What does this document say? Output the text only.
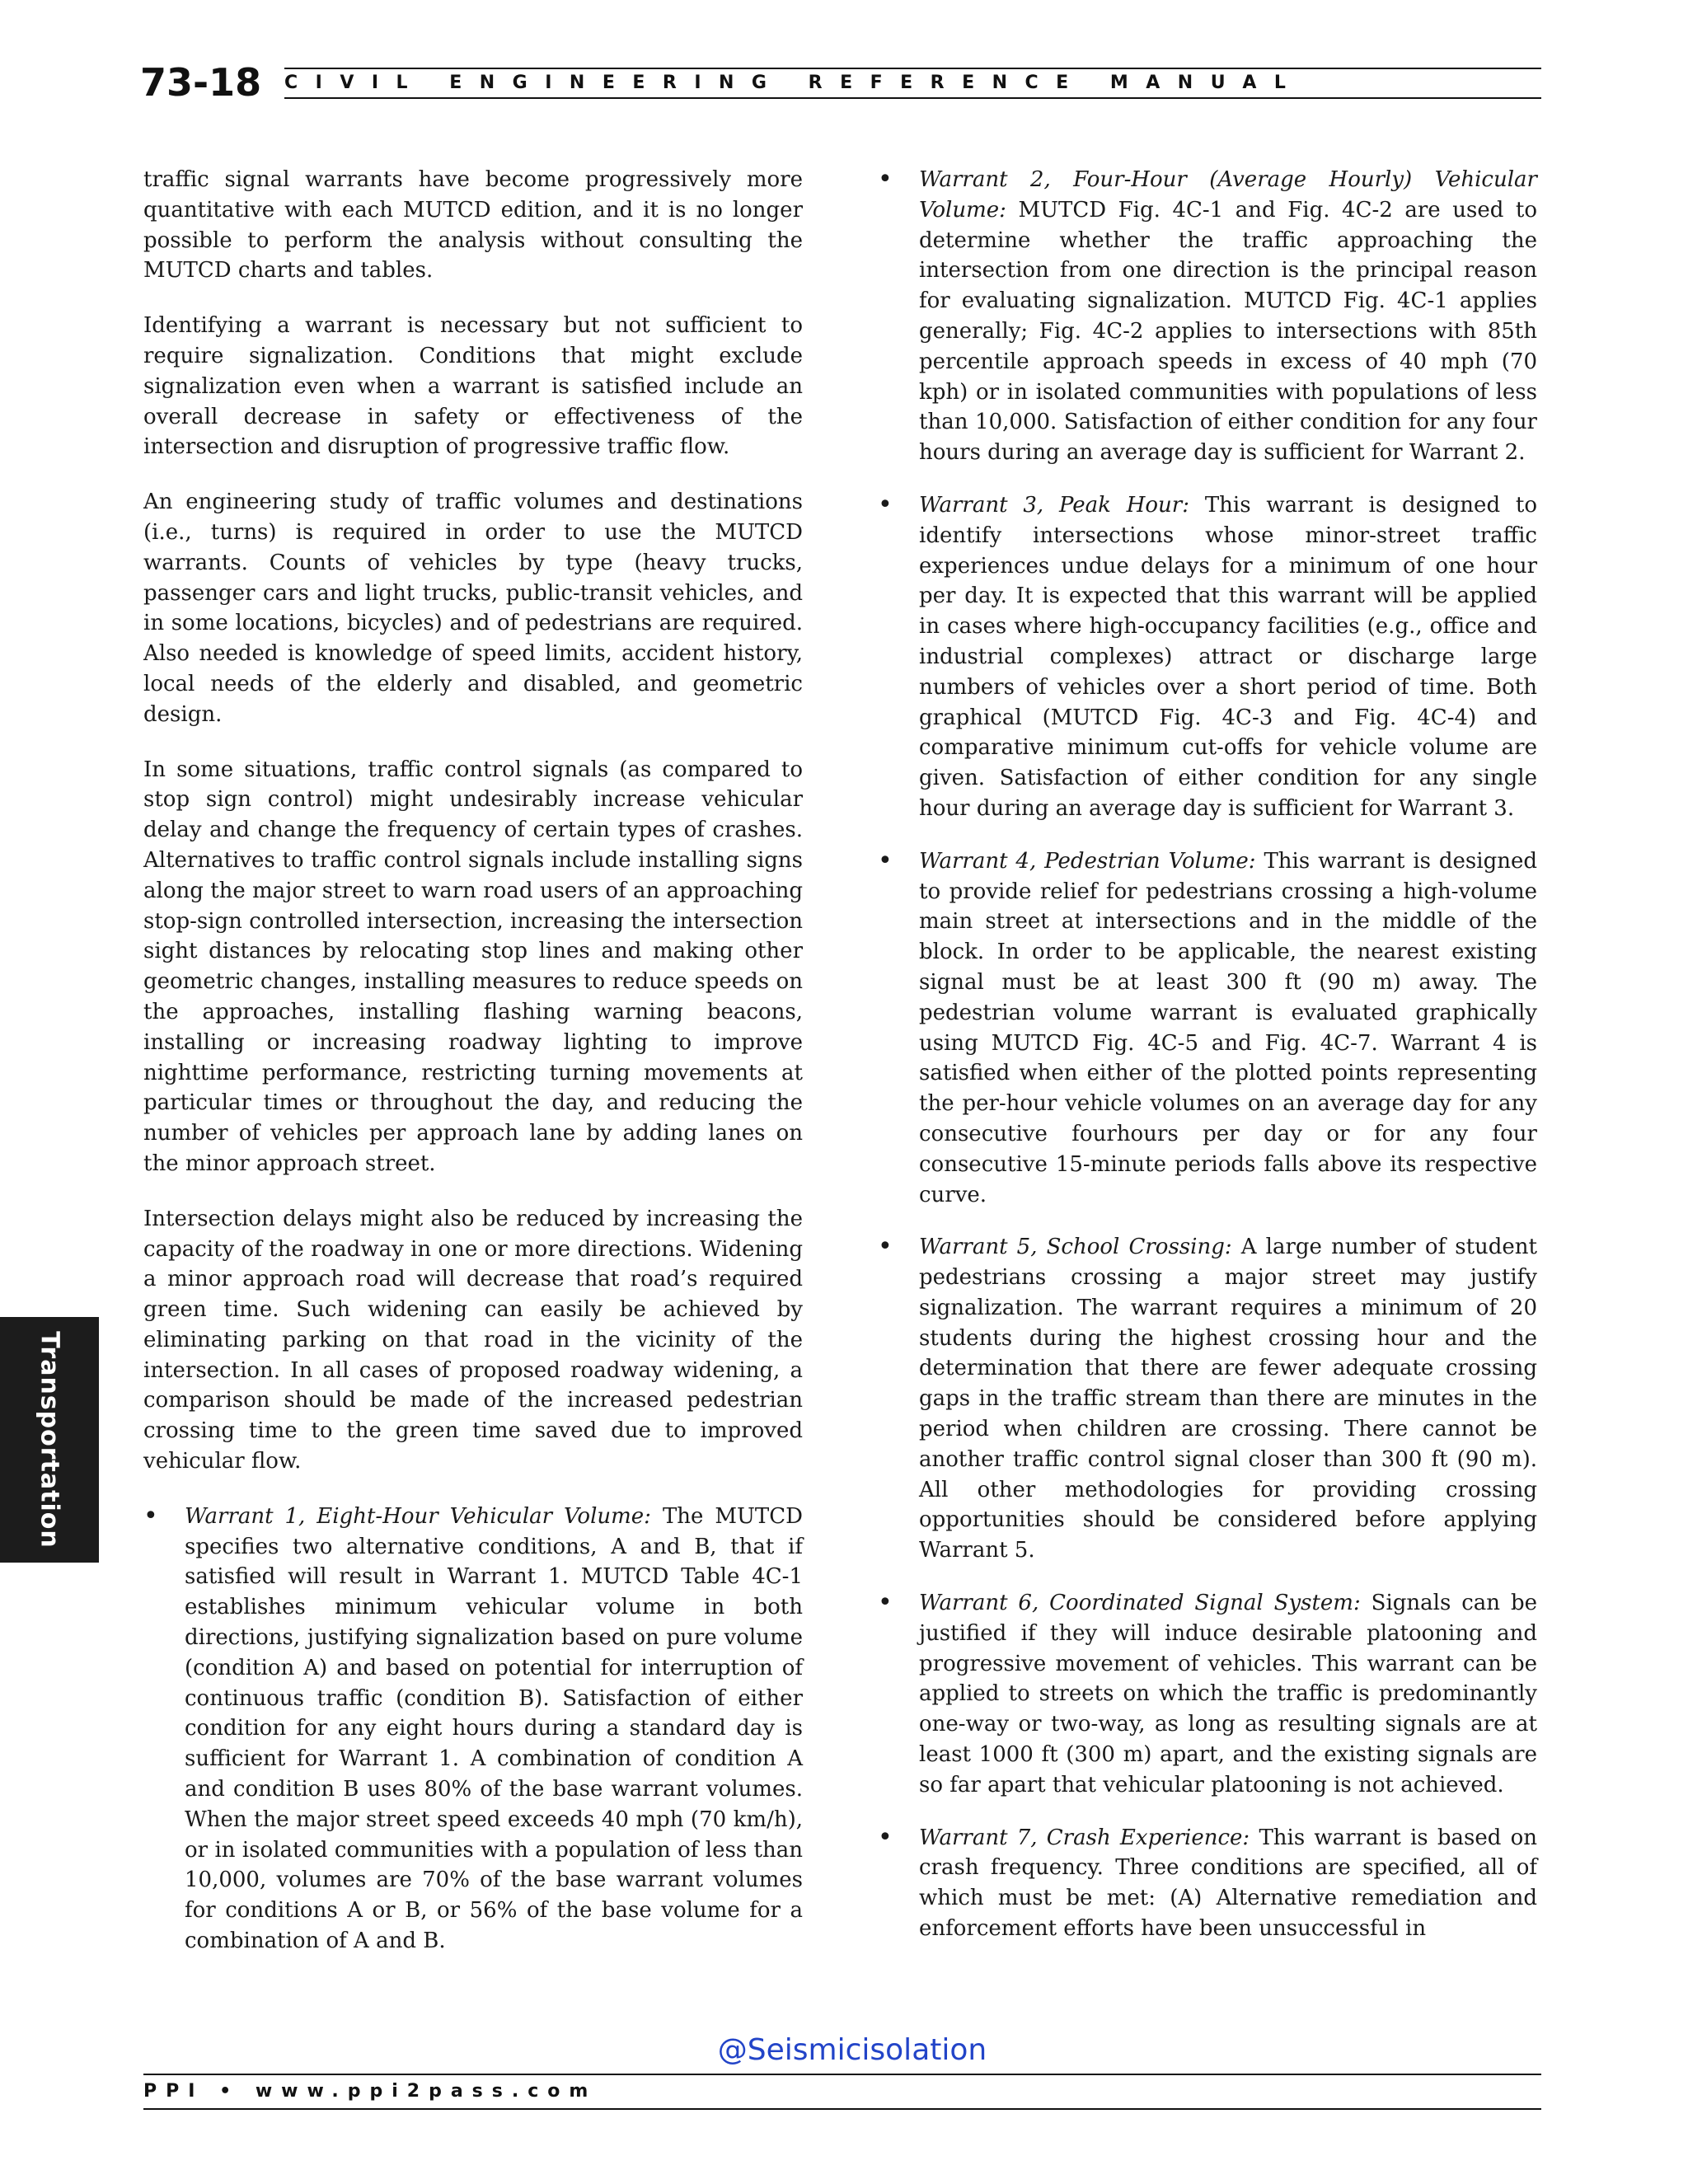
73-18 CIVIL ENGINEERING REFERENCE MANUAL
Transportation

traffic signal warrants have become progressively more quantitative with each MUTCD edition, and it is no longer possible to perform the analysis without consulting the MUTCD charts and tables.

Identifying a warrant is necessary but not sufficient to require signalization. Conditions that might exclude signalization even when a warrant is satisfied include an overall decrease in safety or effectiveness of the intersection and disruption of progressive traffic flow.

An engineering study of traffic volumes and destinations (i.e., turns) is required in order to use the MUTCD warrants. Counts of vehicles by type (heavy trucks, passenger cars and light trucks, public-transit vehicles, and in some locations, bicycles) and of pedestrians are required. Also needed is knowledge of speed limits, accident history, local needs of the elderly and disabled, and geometric design.

In some situations, traffic control signals (as compared to stop sign control) might undesirably increase vehicular delay and change the frequency of certain types of crashes. Alternatives to traffic control signals include installing signs along the major street to warn road users of an approaching stop-sign controlled intersection, increasing the intersection sight distances by relocating stop lines and making other geometric changes, installing measures to reduce speeds on the approaches, installing flashing warning beacons, installing or increasing roadway lighting to improve nighttime performance, restricting turning movements at particular times or throughout the day, and reducing the number of vehicles per approach lane by adding lanes on the minor approach street.

Intersection delays might also be reduced by increasing the capacity of the roadway in one or more directions. Widening a minor approach road will decrease that road’s required green time. Such widening can easily be achieved by eliminating parking on that road in the vicinity of the intersection. In all cases of proposed roadway widening, a comparison should be made of the increased pedestrian crossing time to the green time saved due to improved vehicular flow.

• Warrant 1, Eight-Hour Vehicular Volume: The MUTCD specifies two alternative conditions, A and B, that if satisfied will result in Warrant 1. MUTCD Table 4C-1 establishes minimum vehicular volume in both directions, justifying signalization based on pure volume (condition A) and based on potential for interruption of continuous traffic (condition B). Satisfaction of either condition for any eight hours during a standard day is sufficient for Warrant 1. A combination of condition A and condition B uses 80% of the base warrant volumes. When the major street speed exceeds 40 mph (70 km/h), or in isolated communities with a population of less than 10,000, volumes are 70% of the base warrant volumes for conditions A or B, or 56% of the base volume for a combination of A and B.
• Warrant 2, Four-Hour (Average Hourly) Vehicular Volume: MUTCD Fig. 4C-1 and Fig. 4C-2 are used to determine whether the traffic approaching the intersection from one direction is the principal reason for evaluating signalization. MUTCD Fig. 4C-1 applies generally; Fig. 4C-2 applies to intersections with 85th percentile approach speeds in excess of 40 mph (70 kph) or in isolated communities with populations of less than 10,000. Satisfaction of either condition for any four hours during an average day is sufficient for Warrant 2.
• Warrant 3, Peak Hour: This warrant is designed to identify intersections whose minor-street traffic experiences undue delays for a minimum of one hour per day. It is expected that this warrant will be applied in cases where high-occupancy facilities (e.g., office and industrial complexes) attract or discharge large numbers of vehicles over a short period of time. Both graphical (MUTCD Fig. 4C-3 and Fig. 4C-4) and comparative minimum cut-offs for vehicle volume are given. Satisfaction of either condition for any single hour during an average day is sufficient for Warrant 3.
• Warrant 4, Pedestrian Volume: This warrant is designed to provide relief for pedestrians crossing a high-volume main street at intersections and in the middle of the block. In order to be applicable, the nearest existing signal must be at least 300 ft (90 m) away. The pedestrian volume warrant is evaluated graphically using MUTCD Fig. 4C-5 and Fig. 4C-7. Warrant 4 is satisfied when either of the plotted points representing the per-hour vehicle volumes on an average day for any consecutive fourhours per day or for any four consecutive 15-minute periods falls above its respective curve.
• Warrant 5, School Crossing: A large number of student pedestrians crossing a major street may justify signalization. The warrant requires a minimum of 20 students during the highest crossing hour and the determination that there are fewer adequate crossing gaps in the traffic stream than there are minutes in the period when children are crossing. There cannot be another traffic control signal closer than 300 ft (90 m). All other methodologies for providing crossing opportunities should be considered before applying Warrant 5.
• Warrant 6, Coordinated Signal System: Signals can be justified if they will induce desirable platooning and progressive movement of vehicles. This warrant can be applied to streets on which the traffic is predominantly one-way or two-way, as long as resulting signals are at least 1000 ft (300 m) apart, and the existing signals are so far apart that vehicular platooning is not achieved.
• Warrant 7, Crash Experience: This warrant is based on crash frequency. Three conditions are specified, all of which must be met: (A) Alternative remediation and enforcement efforts have been unsuccessful in
@Seismicisolation
PPI • www.ppi2pass.com
